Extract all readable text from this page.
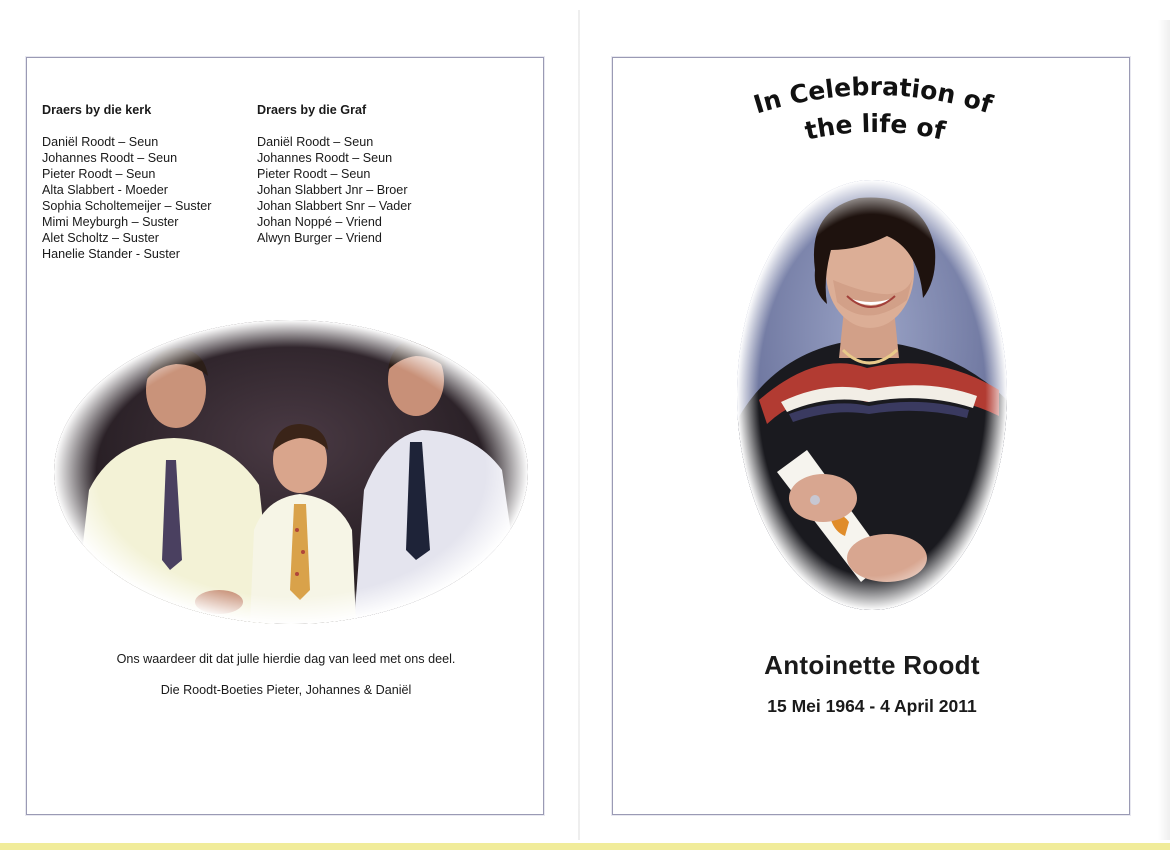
Draers by die kerk
Daniël Roodt – Seun
Johannes Roodt – Seun
Pieter Roodt – Seun
Alta Slabbert - Moeder
Sophia Scholtemeijer – Suster
Mimi Meyburgh – Suster
Alet Scholtz – Suster
Hanelie Stander - Suster
Draers by die Graf
Daniël Roodt – Seun
Johannes Roodt – Seun
Pieter Roodt – Seun
Johan Slabbert Jnr – Broer
Johan Slabbert Snr – Vader
Johan Noppé – Vriend
Alwyn Burger – Vriend
Ons waardeer dit dat julle hierdie dag van leed met ons deel.
Die Roodt-Boeties Pieter, Johannes & Daniël
In Celebration of
the life of
Antoinette Roodt
15 Mei 1964 - 4 April 2011
